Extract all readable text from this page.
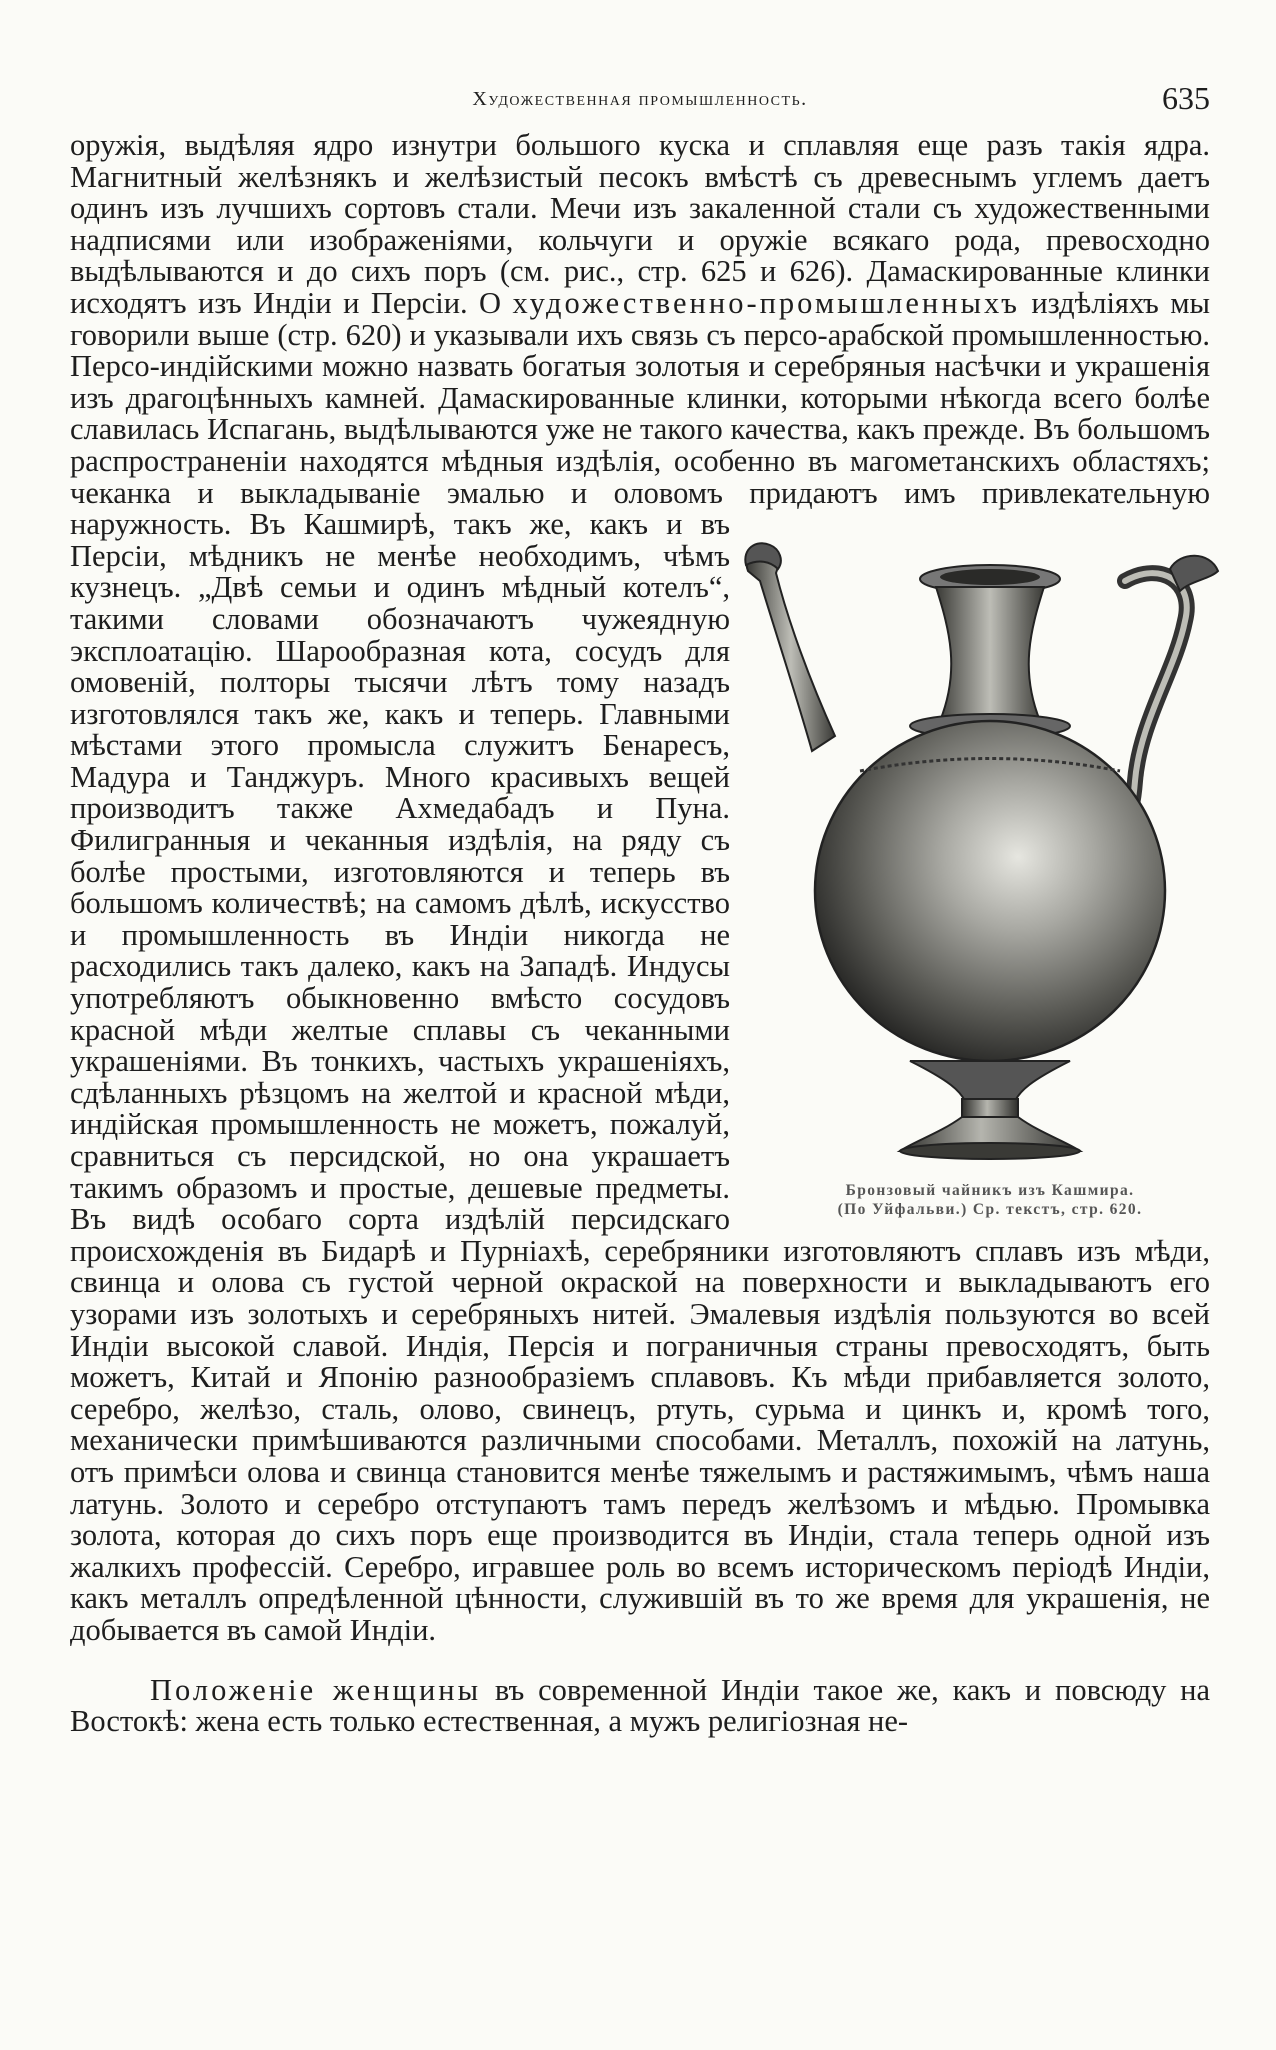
Художественная промышленность.	635

оружія, выдѣляя ядро изнутри большого куска и сплавляя еще разъ такія ядра. Магнитный желѣзнякъ и желѣзистый песокъ вмѣстѣ съ древеснымъ углемъ даетъ одинъ изъ лучшихъ сортовъ стали. Мечи изъ закаленной стали съ художественными надписями или изображеніями, кольчуги и оружіе всякаго рода, превосходно выдѣлываются и до сихъ поръ (см. рис., стр. 625 и 626). Дамаскированные клинки исходятъ изъ Индіи и Персіи. О художественно-промышленныхъ издѣліяхъ мы говорили выше (стр. 620) и указывали ихъ связь съ персо-арабской промышленностью. Персо-индійскими можно назвать богатыя золотыя и серебряныя насѣчки и украшенія изъ драгоцѣнныхъ камней. Дамаскированные клинки, которыми нѣкогда всего болѣе славилась Испагань, выдѣлываются уже не такого качества, какъ прежде. Въ большомъ распространеніи находятся мѣдныя издѣлія, особенно въ магометанскихъ областяхъ; чеканка и выкладываніе эмалью и оловомъ придаютъ имъ привлекательную наружность. Въ Каш
Бронзовый чайникъ изъ Кашмира.
(По Уйфальви.) Ср. текстъ, стр. 620.
мирѣ, такъ же, какъ и въ Персіи, мѣдникъ не менѣе необходимъ, чѣмъ кузнецъ. „Двѣ семьи и одинъ мѣдный котелъ“, такими словами обозначаютъ чужеядную эксплоатацію. Шарообразная кота, сосудъ для омовеній, полторы тысячи лѣтъ тому назадъ изготовлялся такъ же, какъ и теперь. Главными мѣстами этого промысла служитъ Бенаресъ, Мадура и Танджуръ. Много красивыхъ вещей производитъ также Ахмедабадъ и Пуна. Филигранныя и чеканныя издѣлія, на ряду съ болѣе простыми, изготовляются и теперь въ большомъ количествѣ; на самомъ дѣлѣ, искусство и промышленность въ Индіи никогда не расходились такъ далеко, какъ на Западѣ. Индусы употребляютъ обыкновенно вмѣсто сосудовъ красной мѣди желтые сплавы съ чеканными украшеніями. Въ тонкихъ, частыхъ украшеніяхъ, сдѣланныхъ рѣзцомъ на желтой и красной мѣди, индійская промышленность не можетъ, пожалуй, сравниться съ персидской, но она украшаетъ такимъ образомъ и простые, дешевые предметы. Въ видѣ особаго сорта издѣлій персидскаго происхожденія въ Бидарѣ и Пурніахѣ, серебряники изготовляютъ сплавъ изъ мѣди, свинца и олова съ густой черной окраской на поверхности и выкладываютъ его узорами изъ золотыхъ и серебряныхъ нитей. Эмалевыя издѣлія пользуются во всей Индіи высокой славой. Индія, Персія и пограничныя страны превосходятъ, быть можетъ, Китай и Японію разнообразіемъ сплавовъ. Къ мѣди прибавляется золото, серебро, желѣзо, сталь, олово, свинецъ, ртуть, сурьма и цинкъ и, кромѣ того, механически примѣшиваются различными способами. Металлъ, похожій на латунь, отъ примѣси олова и свинца становится менѣе тяжелымъ и растяжимымъ, чѣмъ наша латунь. Золото и серебро отступаютъ тамъ передъ желѣзомъ и мѣдью. Промывка золота, которая до сихъ поръ еще производится въ Индіи, стала теперь одной изъ жалкихъ профессій. Серебро, игравшее роль во всемъ историческомъ періодѣ Индіи, какъ металлъ опредѣленной цѣнности, служившій въ то же время для украшенія, не добывается въ самой Индіи.

Положеніе женщины въ современной Индіи такое же, какъ и повсюду на Востокѣ: жена есть только естественная, а мужъ религіозная не-
